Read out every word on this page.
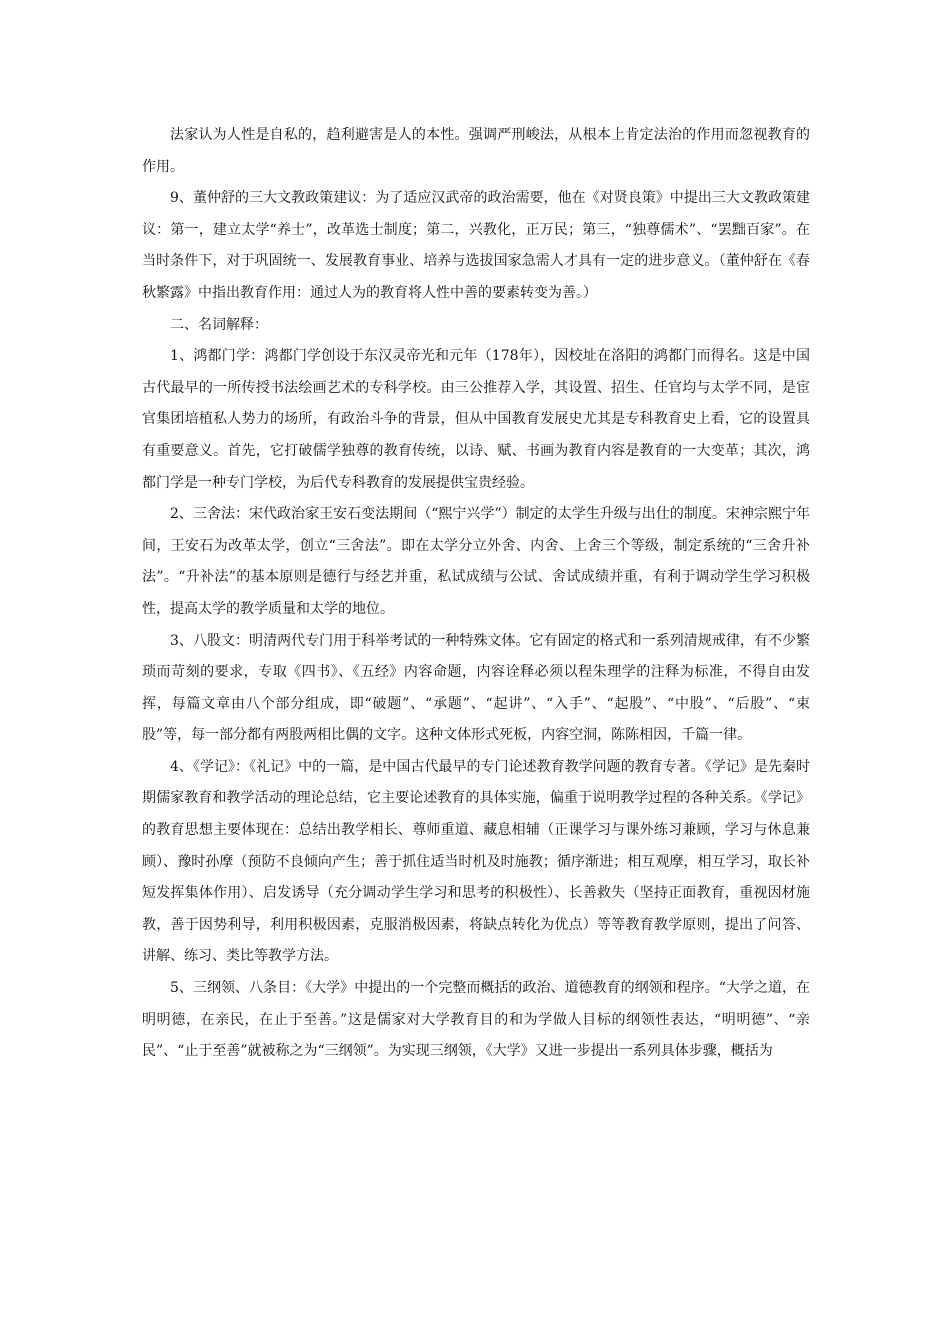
法家认为人性是自私的，趋利避害是人的本性。强调严刑峻法，从根本上肯定法治的作用而忽视教育的作用。

9、董仲舒的三大文教政策建议：为了适应汉武帝的政治需要，他在《对贤良策》中提出三大文教政策建议：第一，建立太学“养士”，改革选士制度；第二，兴教化，正万民；第三，“独尊儒术”、“罢黜百家”。在当时条件下，对于巩固统一、发展教育事业、培养与选拔国家急需人才具有一定的进步意义。（董仲舒在《春秋繁露》中指出教育作用：通过人为的教育将人性中善的要素转变为善。）

二、名词解释：

1、鸿都门学：鸿都门学创设于东汉灵帝光和元年（178年），因校址在洛阳的鸿都门而得名。这是中国古代最早的一所传授书法绘画艺术的专科学校。由三公推荐入学，其设置、招生、任官均与太学不同，是宦官集团培植私人势力的场所，有政治斗争的背景，但从中国教育发展史尤其是专科教育史上看，它的设置具有重要意义。首先，它打破儒学独尊的教育传统，以诗、赋、书画为教育内容是教育的一大变革；其次，鸿都门学是一种专门学校，为后代专科教育的发展提供宝贵经验。

2、三舍法：宋代政治家王安石变法期间（“熙宁兴学”）制定的太学生升级与出仕的制度。宋神宗熙宁年间，王安石为改革太学，创立“三舍法”。即在太学分立外舍、内舍、上舍三个等级，制定系统的“三舍升补法”。“升补法”的基本原则是德行与经艺并重，私试成绩与公试、舍试成绩并重，有利于调动学生学习积极性，提高太学的教学质量和太学的地位。

3、八股文：明清两代专门用于科举考试的一种特殊文体。它有固定的格式和一系列清规戒律，有不少繁琐而苛刻的要求，专取《四书》、《五经》内容命题，内容诠释必须以程朱理学的注释为标准，不得自由发挥，每篇文章由八个部分组成，即“破题”、“承题”、“起讲”、“入手”、“起股”、“中股”、“后股”、“束股”等，每一部分都有两股两相比偶的文字。这种文体形式死板，内容空洞，陈陈相因，千篇一律。

4、《学记》：《礼记》中的一篇，是中国古代最早的专门论述教育教学问题的教育专著。《学记》是先秦时期儒家教育和教学活动的理论总结，它主要论述教育的具体实施，偏重于说明教学过程的各种关系。《学记》的教育思想主要体现在：总结出教学相长、尊师重道、藏息相辅（正课学习与课外练习兼顾，学习与休息兼顾）、豫时孙摩（预防不良倾向产生；善于抓住适当时机及时施教；循序渐进；相互观摩，相互学习，取长补短发挥集体作用）、启发诱导（充分调动学生学习和思考的积极性）、长善救失（坚持正面教育，重视因材施教，善于因势利导，利用积极因素，克服消极因素，将缺点转化为优点）等等教育教学原则，提出了问答、讲解、练习、类比等教学方法。

5、三纲领、八条目：《大学》中提出的一个完整而概括的政治、道德教育的纲领和程序。“大学之道，在明明德，在亲民，在止于至善。”这是儒家对大学教育目的和为学做人目标的纲领性表达，“明明德”、“亲民”、“止于至善”就被称之为“三纲领”。为实现三纲领，《大学》又进一步提出一系列具体步骤，概括为
